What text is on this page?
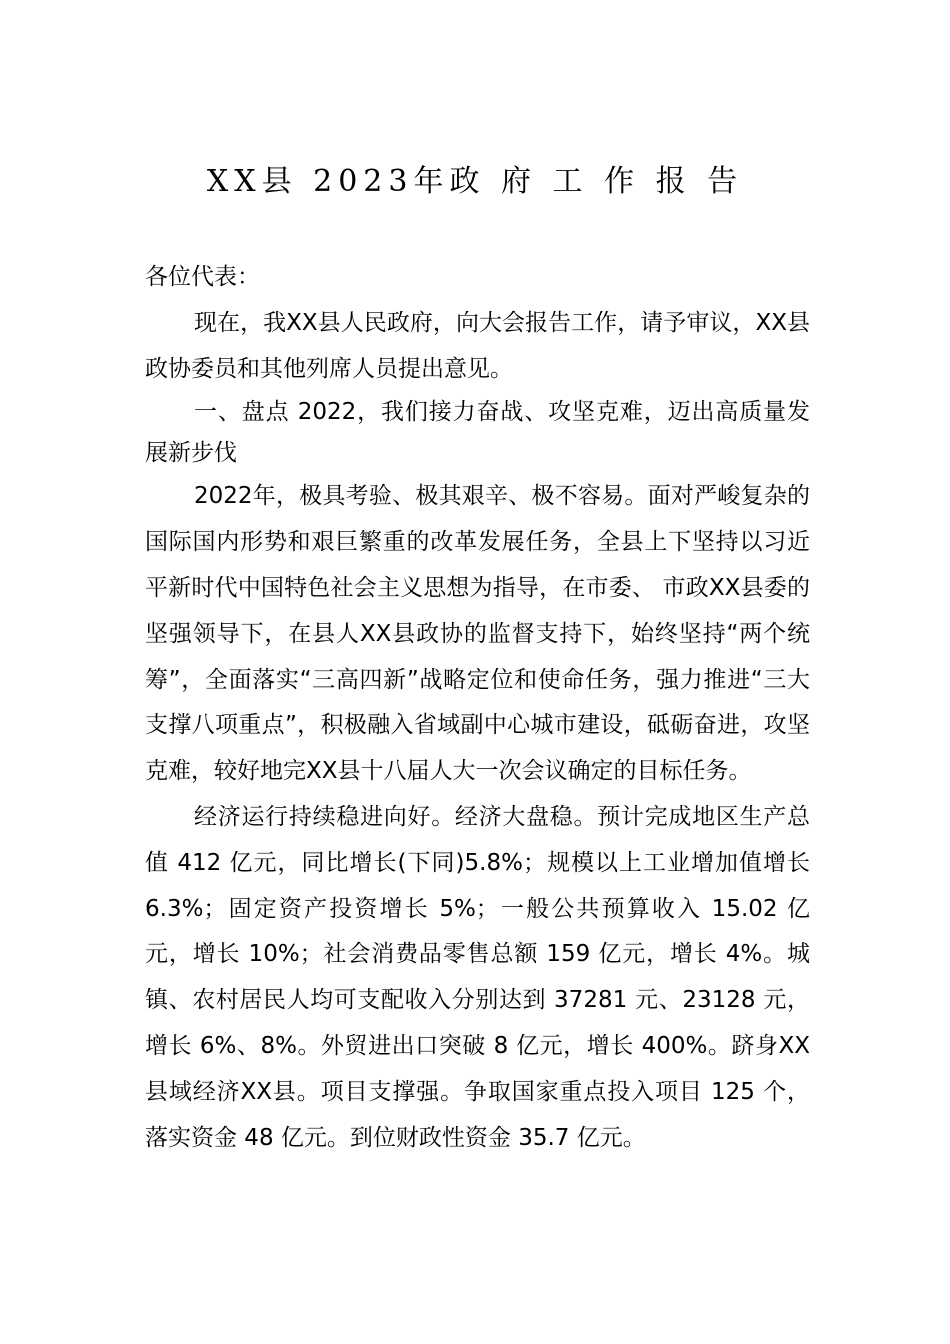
XX县 2023年政 府 工 作 报 告

各位代表：

现在，我XX县人民政府，向大会报告工作，请予审议，XX县政协委员和其他列席人员提出意见。

一、盘点 2022，我们接力奋战、攻坚克难，迈出高质量发展新步伐

2022年，极具考验、极其艰辛、极不容易。面对严峻复杂的国际国内形势和艰巨繁重的改革发展任务，全县上下坚持以习近平新时代中国特色社会主义思想为指导，在市委、 市政XX县委的坚强领导下，在县人XX县政协的监督支持下，始终坚持“两个统筹”，全面落实“三高四新”战略定位和使命任务，强力推进“三大支撑八项重点”，积极融入省域副中心城市建设，砥砺奋进，攻坚克难，较好地完XX县十八届人大一次会议确定的目标任务。

经济运行持续稳进向好。经济大盘稳。预计完成地区生产总值 412 亿元，同比增长(下同)5.8%；规模以上工业增加值增长 6.3%；固定资产投资增长 5%；一般公共预算收入 15.02 亿元，增长 10%；社会消费品零售总额 159 亿元，增长 4%。城镇、农村居民人均可支配收入分别达到 37281 元、23128 元，增长 6%、8%。外贸进出口突破 8 亿元，增长 400%。跻身XX县域经济XX县。项目支撑强。争取国家重点投入项目 125 个，落实资金 48 亿元。到位财政性资金 35.7 亿元。
